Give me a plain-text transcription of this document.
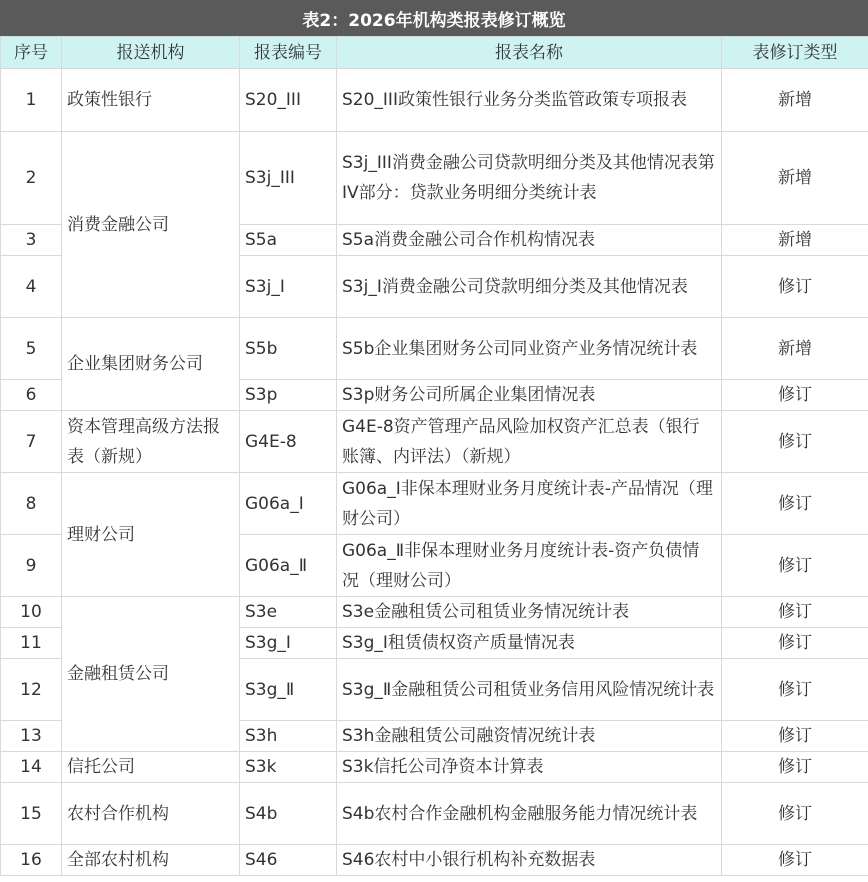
表2：2026年机构类报表修订概览
序号	报送机构	报表编号	报表名称	表修订类型
1	政策性银行	S20_III	S20_III政策性银行业务分类监管政策专项报表	新增
2	消费金融公司	S3j_III	S3j_III消费金融公司贷款明细分类及其他情况表第IV部分：贷款业务明细分类统计表	新增
3		S5a	S5a消费金融公司合作机构情况表	新增
4		S3j_I	S3j_I消费金融公司贷款明细分类及其他情况表	修订
5	企业集团财务公司	S5b	S5b企业集团财务公司同业资产业务情况统计表	新增
6		S3p	S3p财务公司所属企业集团情况表	修订
7	资本管理高级方法报表（新规）	G4E-8	G4E-8资产管理产品风险加权资产汇总表（银行账簿、内评法）（新规）	修订
8	理财公司	G06a_Ⅰ	G06a_Ⅰ非保本理财业务月度统计表-产品情况（理财公司）	修订
9		G06a_Ⅱ	G06a_Ⅱ非保本理财业务月度统计表-资产负债情况（理财公司）	修订
10	金融租赁公司	S3e	S3e金融租赁公司租赁业务情况统计表	修订
11		S3g_Ⅰ	S3g_Ⅰ租赁债权资产质量情况表	修订
12		S3g_Ⅱ	S3g_Ⅱ金融租赁公司租赁业务信用风险情况统计表	修订
13		S3h	S3h金融租赁公司融资情况统计表	修订
14	信托公司	S3k	S3k信托公司净资本计算表	修订
15	农村合作机构	S4b	S4b农村合作金融机构金融服务能力情况统计表	修订
16	全部农村机构	S46	S46农村中小银行机构补充数据表	修订
